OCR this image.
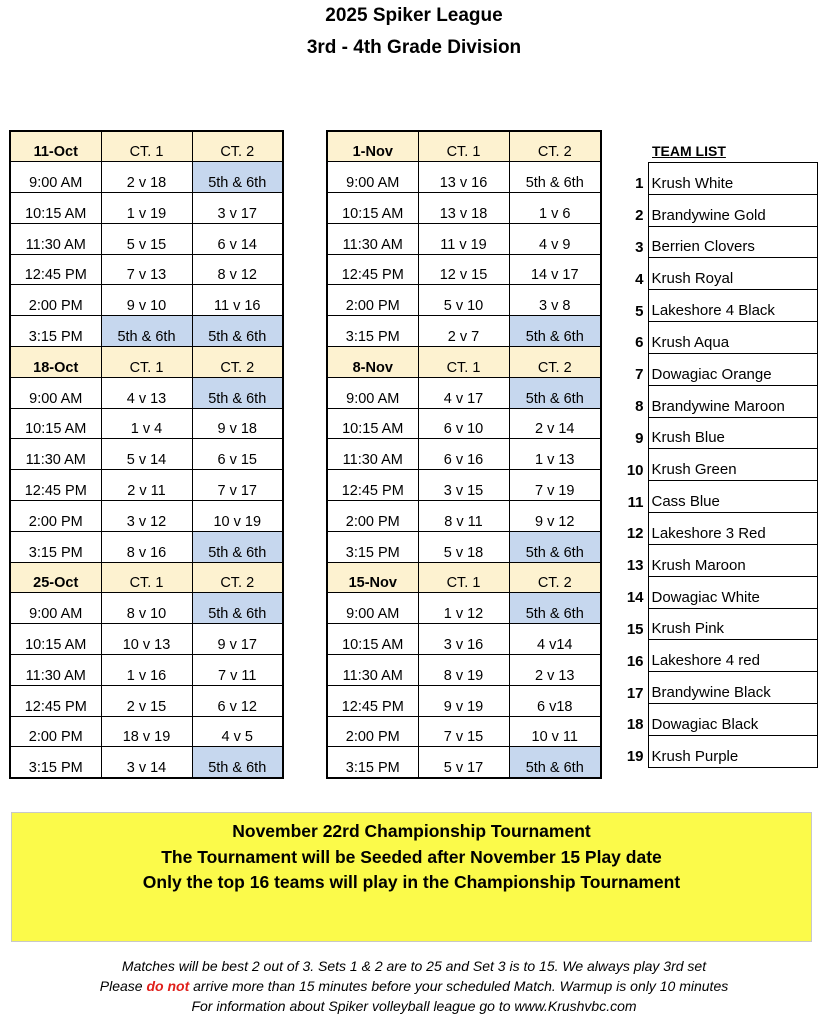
2025 Spiker League
3rd - 4th Grade Division
11-Oct	CT. 1	CT. 2
9:00 AM	2 v 18	5th & 6th
10:15 AM	1 v 19	3 v 17
11:30 AM	5 v 15	6 v 14
12:45 PM	7 v 13	8 v 12
2:00 PM	9 v 10	11 v 16
3:15 PM	5th & 6th	5th & 6th
18-Oct	CT. 1	CT. 2
9:00 AM	4 v 13	5th & 6th
10:15 AM	1 v 4	9 v 18
11:30 AM	5 v 14	6 v 15
12:45 PM	2 v 11	7 v 17
2:00 PM	3 v 12	10 v 19
3:15 PM	8 v 16	5th & 6th
25-Oct	CT. 1	CT. 2
9:00 AM	8 v 10	5th & 6th
10:15 AM	10 v 13	9 v 17
11:30 AM	1 v 16	7 v 11
12:45 PM	2 v 15	6 v 12
2:00 PM	18 v 19	4 v 5
3:15 PM	3 v 14	5th & 6th
1-Nov	CT. 1	CT. 2
9:00 AM	13 v 16	5th & 6th
10:15 AM	13 v 18	1 v 6
11:30 AM	11 v 19	4 v 9
12:45 PM	12 v 15	14 v 17
2:00 PM	5 v 10	3 v 8
3:15 PM	2 v 7	5th & 6th
8-Nov	CT. 1	CT. 2
9:00 AM	4 v 17	5th & 6th
10:15 AM	6 v 10	2 v 14
11:30 AM	6 v 16	1 v 13
12:45 PM	3 v 15	7 v 19
2:00 PM	8 v 11	9 v 12
3:15 PM	5 v 18	5th & 6th
15-Nov	CT. 1	CT. 2
9:00 AM	1 v 12	5th & 6th
10:15 AM	3 v 16	4 v14
11:30 AM	8 v 19	2 v 13
12:45 PM	9 v 19	6 v18
2:00 PM	7 v 15	10 v 11
3:15 PM	5 v 17	5th & 6th
TEAM LIST
1	Krush White
2	Brandywine Gold
3	Berrien Clovers
4	Krush Royal
5	Lakeshore 4 Black
6	Krush Aqua
7	Dowagiac Orange
8	Brandywine Maroon
9	Krush Blue
10	Krush Green
11	Cass Blue
12	Lakeshore 3 Red
13	Krush Maroon
14	Dowagiac White
15	Krush Pink
16	Lakeshore 4 red
17	Brandywine Black
18	Dowagiac Black
19	Krush Purple
November 22rd Championship Tournament
The Tournament will be Seeded after November 15 Play date
Only the top 16 teams will play in the Championship Tournament
Matches will be best 2 out of 3. Sets 1 & 2 are to 25 and Set 3 is to 15. We always play 3rd set
Please do not arrive more than 15 minutes before your scheduled Match. Warmup is only 10 minutes
For information about Spiker volleyball league go to www.Krushvbc.com
